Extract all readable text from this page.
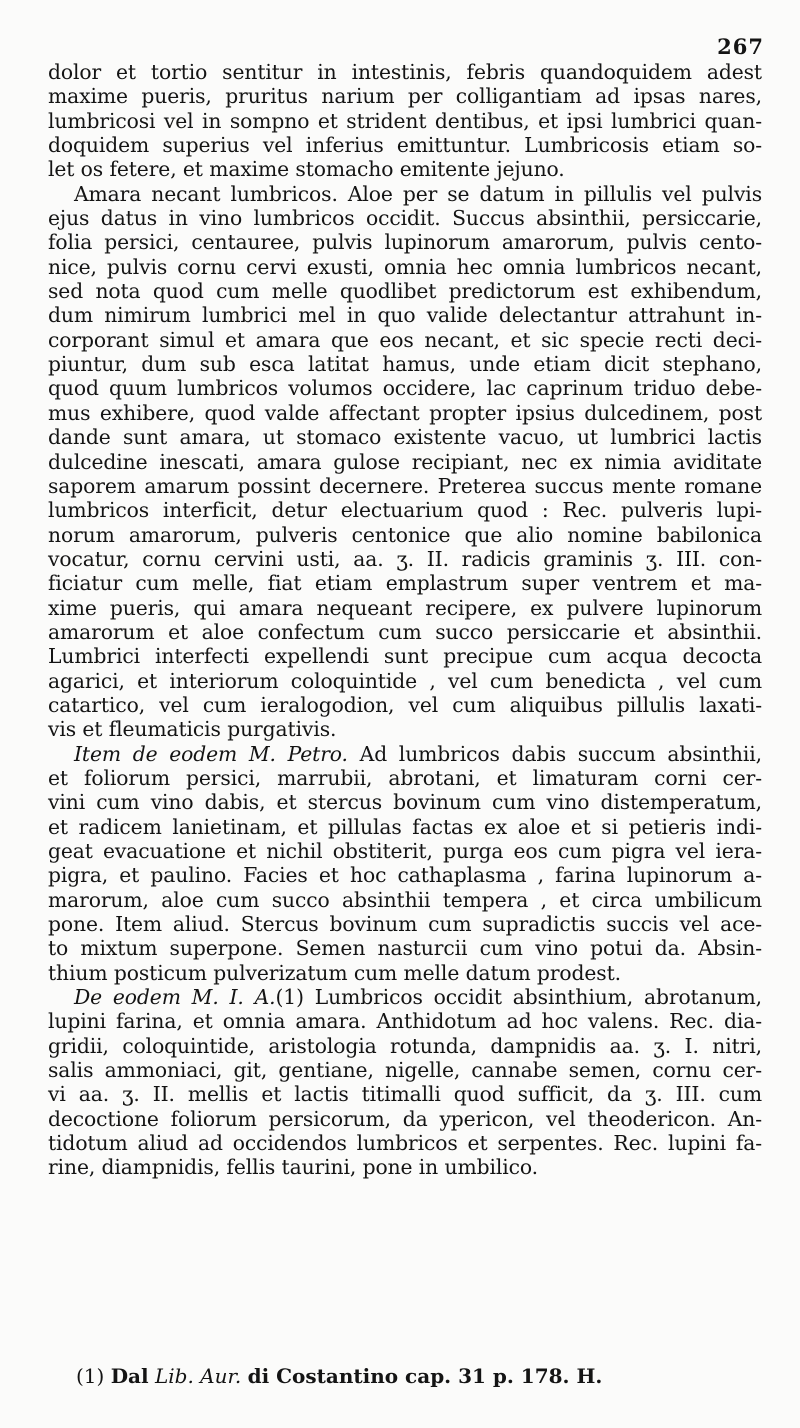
267
dolor et tortio sentitur in intestinis, febris quandoquidem adest
maxime pueris, pruritus narium per colligantiam ad ipsas nares,
lumbricosi vel in sompno et strident dentibus, et ipsi lumbrici quan-
doquidem superius vel inferius emittuntur. Lumbricosis etiam so-
let os fetere, et maxime stomacho emitente jejuno.
Amara necant lumbricos. Aloe per se datum in pillulis vel pulvis
ejus datus in vino lumbricos occidit. Succus absinthii, persiccarie,
folia persici, centauree, pulvis lupinorum amarorum, pulvis cento-
nice, pulvis cornu cervi exusti, omnia hec omnia lumbricos necant,
sed nota quod cum melle quodlibet predictorum est exhibendum,
dum nimirum lumbrici mel in quo valide delectantur attrahunt in-
corporant simul et amara que eos necant, et sic specie recti deci-
piuntur, dum sub esca latitat hamus, unde etiam dicit stephano,
quod quum lumbricos volumos occidere, lac caprinum triduo debe-
mus exhibere, quod valde affectant propter ipsius dulcedinem, post
dande sunt amara, ut stomaco existente vacuo, ut lumbrici lactis
dulcedine inescati, amara gulose recipiant, nec ex nimia aviditate
saporem amarum possint decernere. Preterea succus mente romane
lumbricos interficit, detur electuarium quod : Rec. pulveris lupi-
norum amarorum, pulveris centonice que alio nomine babilonica
vocatur, cornu cervini usti, aa. ʒ. II. radicis graminis ʒ. III. con-
ficiatur cum melle, fiat etiam emplastrum super ventrem et ma-
xime pueris, qui amara nequeant recipere, ex pulvere lupinorum
amarorum et aloe confectum cum succo persiccarie et absinthii.
Lumbrici interfecti expellendi sunt precipue cum acqua decocta
agarici, et interiorum coloquintide , vel cum benedicta , vel cum
catartico, vel cum ieralogodion, vel cum aliquibus pillulis laxati-
vis et fleumaticis purgativis.
Item de eodem M. Petro. Ad lumbricos dabis succum absinthii,
et foliorum persici, marrubii, abrotani, et limaturam corni cer-
vini cum vino dabis, et stercus bovinum cum vino distemperatum,
et radicem lanietinam, et pillulas factas ex aloe et si petieris indi-
geat evacuatione et nichil obstiterit, purga eos cum pigra vel iera-
pigra, et paulino. Facies et hoc cathaplasma , farina lupinorum a-
marorum, aloe cum succo absinthii tempera , et circa umbilicum
pone. Item aliud. Stercus bovinum cum supradictis succis vel ace-
to mixtum superpone. Semen nasturcii cum vino potui da. Absin-
thium posticum pulverizatum cum melle datum prodest.
De eodem M. I. A.(1) Lumbricos occidit absinthium, abrotanum,
lupini farina, et omnia amara. Anthidotum ad hoc valens. Rec. dia-
gridii, coloquintide, aristologia rotunda, dampnidis aa. ʒ. I. nitri,
salis ammoniaci, git, gentiane, nigelle, cannabe semen, cornu cer-
vi aa. ʒ. II. mellis et lactis titimalli quod sufficit, da ʒ. III. cum
decoctione foliorum persicorum, da ypericon, vel theodericon. An-
tidotum aliud ad occidendos lumbricos et serpentes. Rec. lupini fa-
rine, diampnidis, fellis taurini, pone in umbilico.
(1) Dal Lib. Aur. di Costantino cap. 31 p. 178. H.
